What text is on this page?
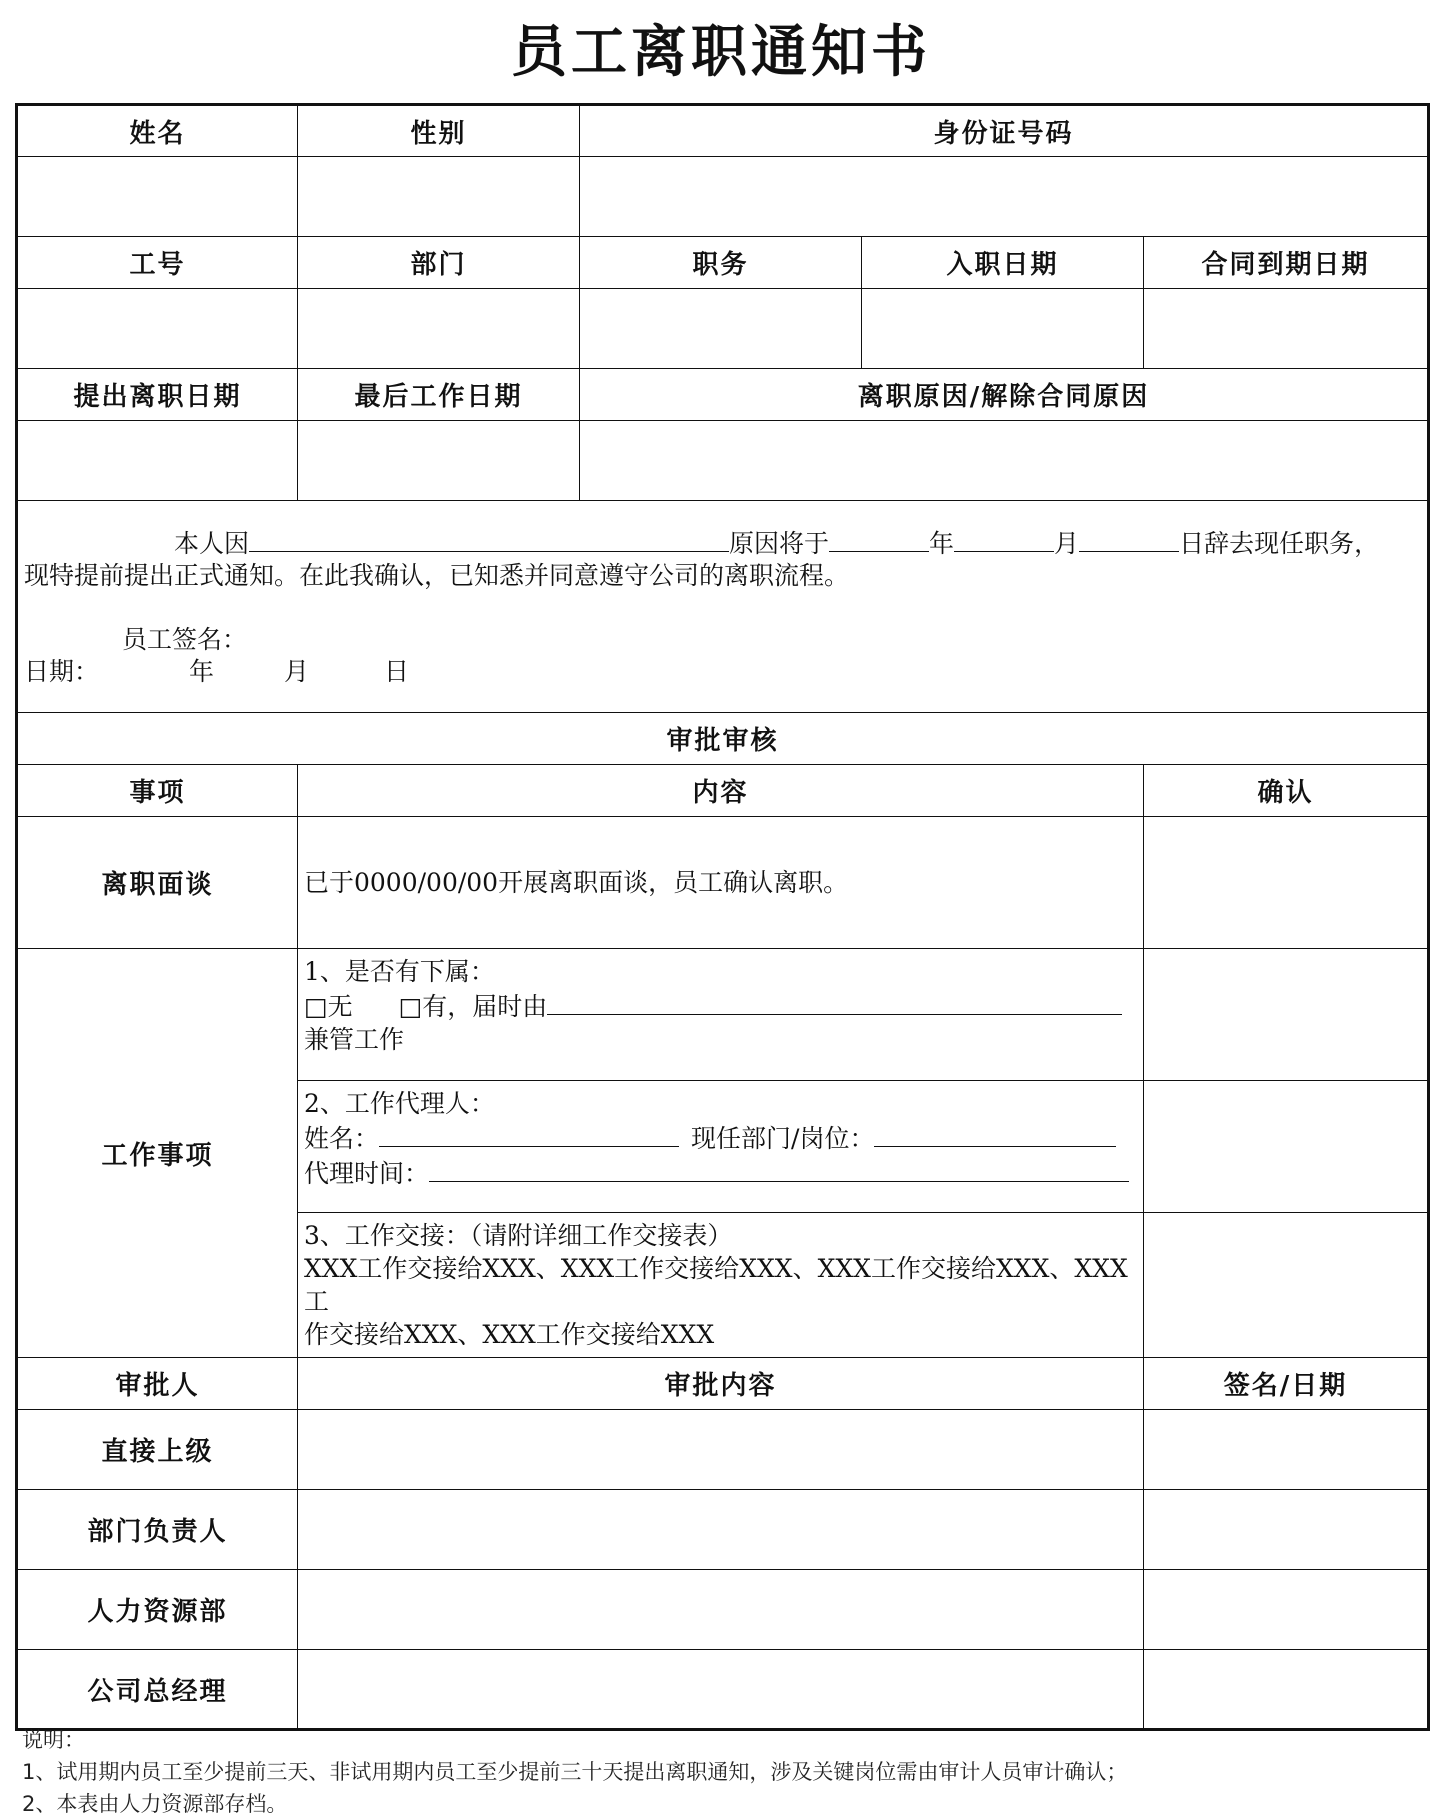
员工离职通知书
姓名	性别	身份证号码		

工号	部门	职务	入职日期	合同到期日期

提出离职日期	最后工作日期	离职原因/解除合同原因		

本人因 原因将于 年 月 日辞去现任职务，
现特提前提出正式通知。在此我确认，已知悉并同意遵守公司的离职流程。
员工签名：
日期： 年 月 日				

审批审核				
事项	内容			确认
离职面谈	已于0000/00/00开展离职面谈，员工确认离职。			
工作事项	1、是否有下属：
□无 □有，届时由
兼管工作			

	2、工作代理人：
姓名： 现任部门/岗位：
代理时间：			

	3、工作交接：（请附详细工作交接表）
XXX工作交接给XXX、XXX工作交接给XXX、XXX工作交接给XXX、XXX工
作交接给XXX、XXX工作交接给XXX			

审批人	审批内容			签名/日期
直接上级				
部门负责人				
人力资源部				
公司总经理				
说明：
1、试用期内员工至少提前三天、非试用期内员工至少提前三十天提出离职通知，涉及关键岗位需由审计人员审计确认；
2、本表由人力资源部存档。
